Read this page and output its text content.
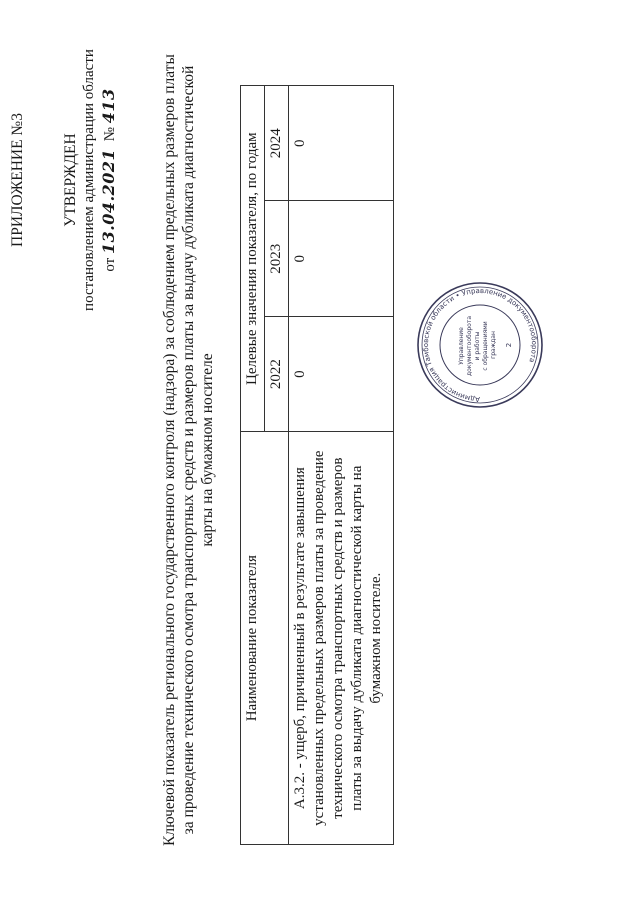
ПРИЛОЖЕНИЕ №3 УТВЕРЖДЕН постановлением администрации области от 13.04.2021  № 413	Ключевой показатель регионального государственного контроля (надзора) за соблюдением предельных размеров платы за проведение технического осмотра транспортных средств и размеров платы за выдачу дубликата диагностической карты на бумажном носителе
Наименование показателя	Целевые значения показателя, по годам		
	2022	2023	2024
А.3.2. - ущерб, причиненный в результате завышения установленных предельных размеров платы за проведение технического осмотра транспортных средств и размеров платы за выдачу дубликата диагностической карты на бумажном носителе.	0	0	0
Администрация Тамбовской области • Управление документооборота
Управление документооборота и работы с обращениями граждан 2
